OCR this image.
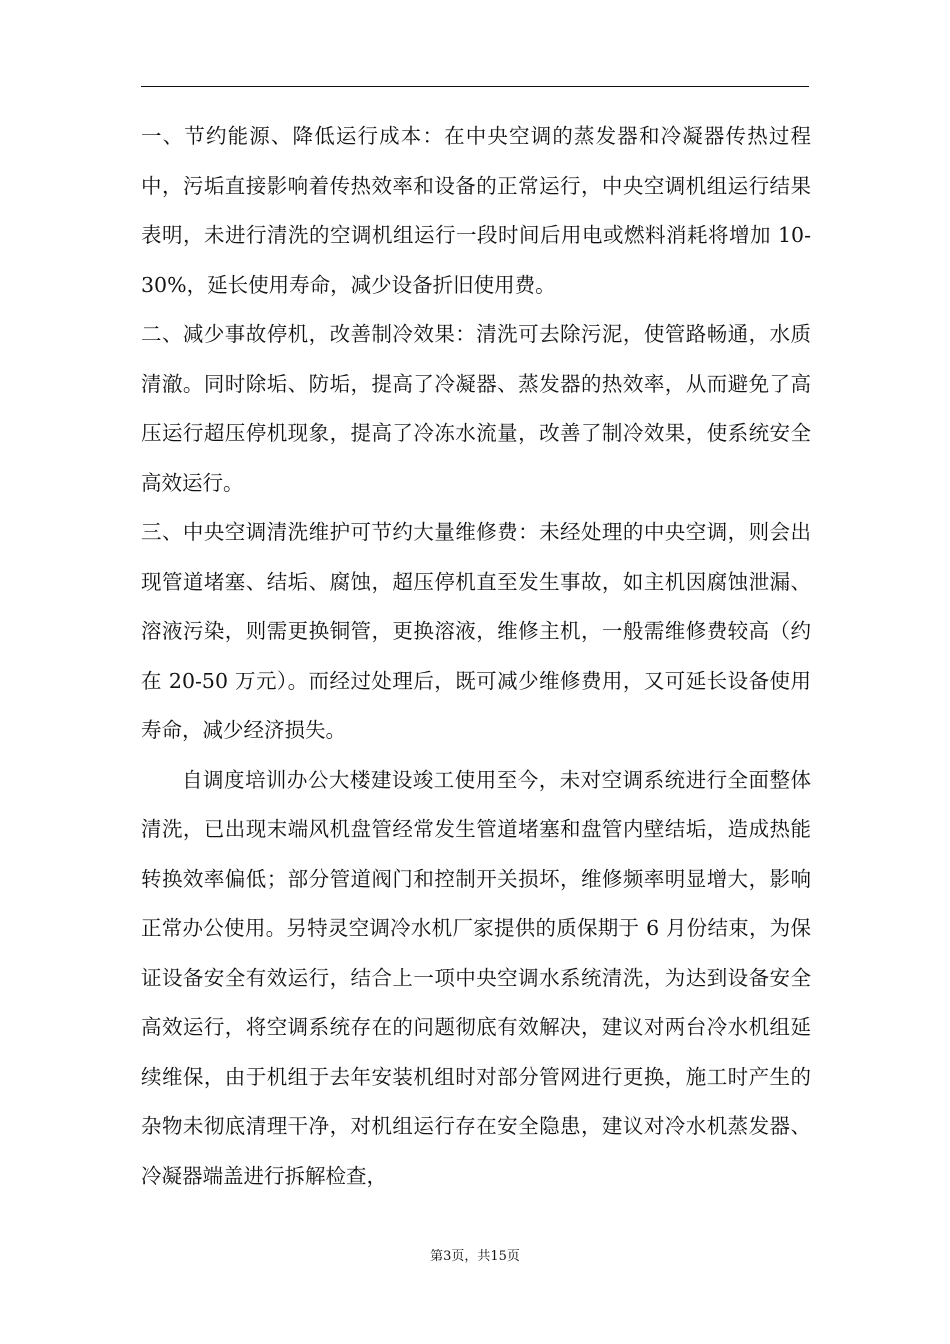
一、节约能源、降低运行成本：在中央空调的蒸发器和冷凝器传热过程中，污垢直接影响着传热效率和设备的正常运行，中央空调机组运行结果表明，未进行清洗的空调机组运行一段时间后用电或燃料消耗将增加 10-30%，延长使用寿命，减少设备折旧使用费。

二、减少事故停机，改善制冷效果：清洗可去除污泥，使管路畅通，水质清澈。同时除垢、防垢，提高了冷凝器、蒸发器的热效率，从而避免了高压运行超压停机现象，提高了冷冻水流量，改善了制冷效果，使系统安全高效运行。

三、中央空调清洗维护可节约大量维修费：未经处理的中央空调，则会出现管道堵塞、结垢、腐蚀，超压停机直至发生事故，如主机因腐蚀泄漏、溶液污染，则需更换铜管，更换溶液，维修主机，一般需维修费较高（约在 20-50 万元）。而经过处理后，既可减少维修费用，又可延长设备使用寿命，减少经济损失。

自调度培训办公大楼建设竣工使用至今，未对空调系统进行全面整体清洗，已出现末端风机盘管经常发生管道堵塞和盘管内壁结垢，造成热能转换效率偏低；部分管道阀门和控制开关损坏，维修频率明显增大，影响正常办公使用。另特灵空调冷水机厂家提供的质保期于 6 月份结束，为保证设备安全有效运行，结合上一项中央空调水系统清洗，为达到设备安全高效运行，将空调系统存在的问题彻底有效解决，建议对两台冷水机组延续维保，由于机组于去年安装机组时对部分管网进行更换，施工时产生的杂物未彻底清理干净，对机组运行存在安全隐患，建议对冷水机蒸发器、冷凝器端盖进行拆解检查，

第3页，共15页
